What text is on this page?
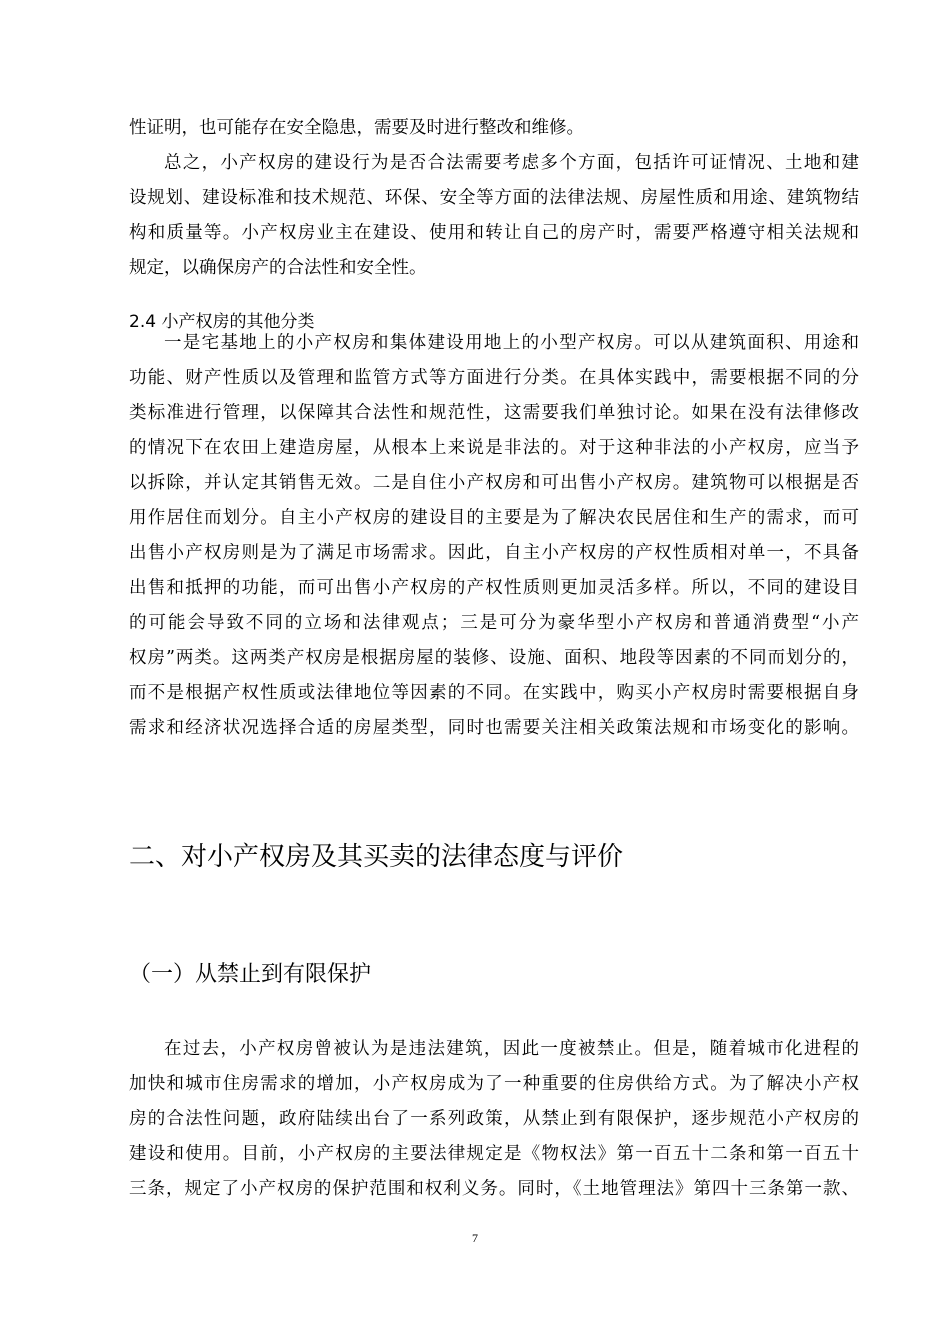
性证明，也可能存在安全隐患，需要及时进行整改和维修。
总之，小产权房的建设行为是否合法需要考虑多个方面，包括许可证情况、土地和建
设规划、建设标准和技术规范、环保、安全等方面的法律法规、房屋性质和用途、建筑物结
构和质量等。小产权房业主在建设、使用和转让自己的房产时，需要严格遵守相关法规和
规定，以确保房产的合法性和安全性。
2.4 小产权房的其他分类
一是宅基地上的小产权房和集体建设用地上的小型产权房。可以从建筑面积、用途和
功能、财产性质以及管理和监管方式等方面进行分类。在具体实践中，需要根据不同的分
类标准进行管理，以保障其合法性和规范性，这需要我们单独讨论。如果在没有法律修改
的情况下在农田上建造房屋，从根本上来说是非法的。对于这种非法的小产权房，应当予
以拆除，并认定其销售无效。二是自住小产权房和可出售小产权房。建筑物可以根据是否
用作居住而划分。自主小产权房的建设目的主要是为了解决农民居住和生产的需求，而可
出售小产权房则是为了满足市场需求。因此，自主小产权房的产权性质相对单一，不具备
出售和抵押的功能，而可出售小产权房的产权性质则更加灵活多样。所以，不同的建设目
的可能会导致不同的立场和法律观点；三是可分为豪华型小产权房和普通消费型“小产
权房”两类。这两类产权房是根据房屋的装修、设施、面积、地段等因素的不同而划分的，
而不是根据产权性质或法律地位等因素的不同。在实践中，购买小产权房时需要根据自身
需求和经济状况选择合适的房屋类型，同时也需要关注相关政策法规和市场变化的影响。
二、对小产权房及其买卖的法律态度与评价
（一）从禁止到有限保护
在过去，小产权房曾被认为是违法建筑，因此一度被禁止。但是，随着城市化进程的
加快和城市住房需求的增加，小产权房成为了一种重要的住房供给方式。为了解决小产权
房的合法性问题，政府陆续出台了一系列政策，从禁止到有限保护，逐步规范小产权房的
建设和使用。目前，小产权房的主要法律规定是《物权法》第一百五十二条和第一百五十
三条，规定了小产权房的保护范围和权利义务。同时，《土地管理法》第四十三条第一款、
7
